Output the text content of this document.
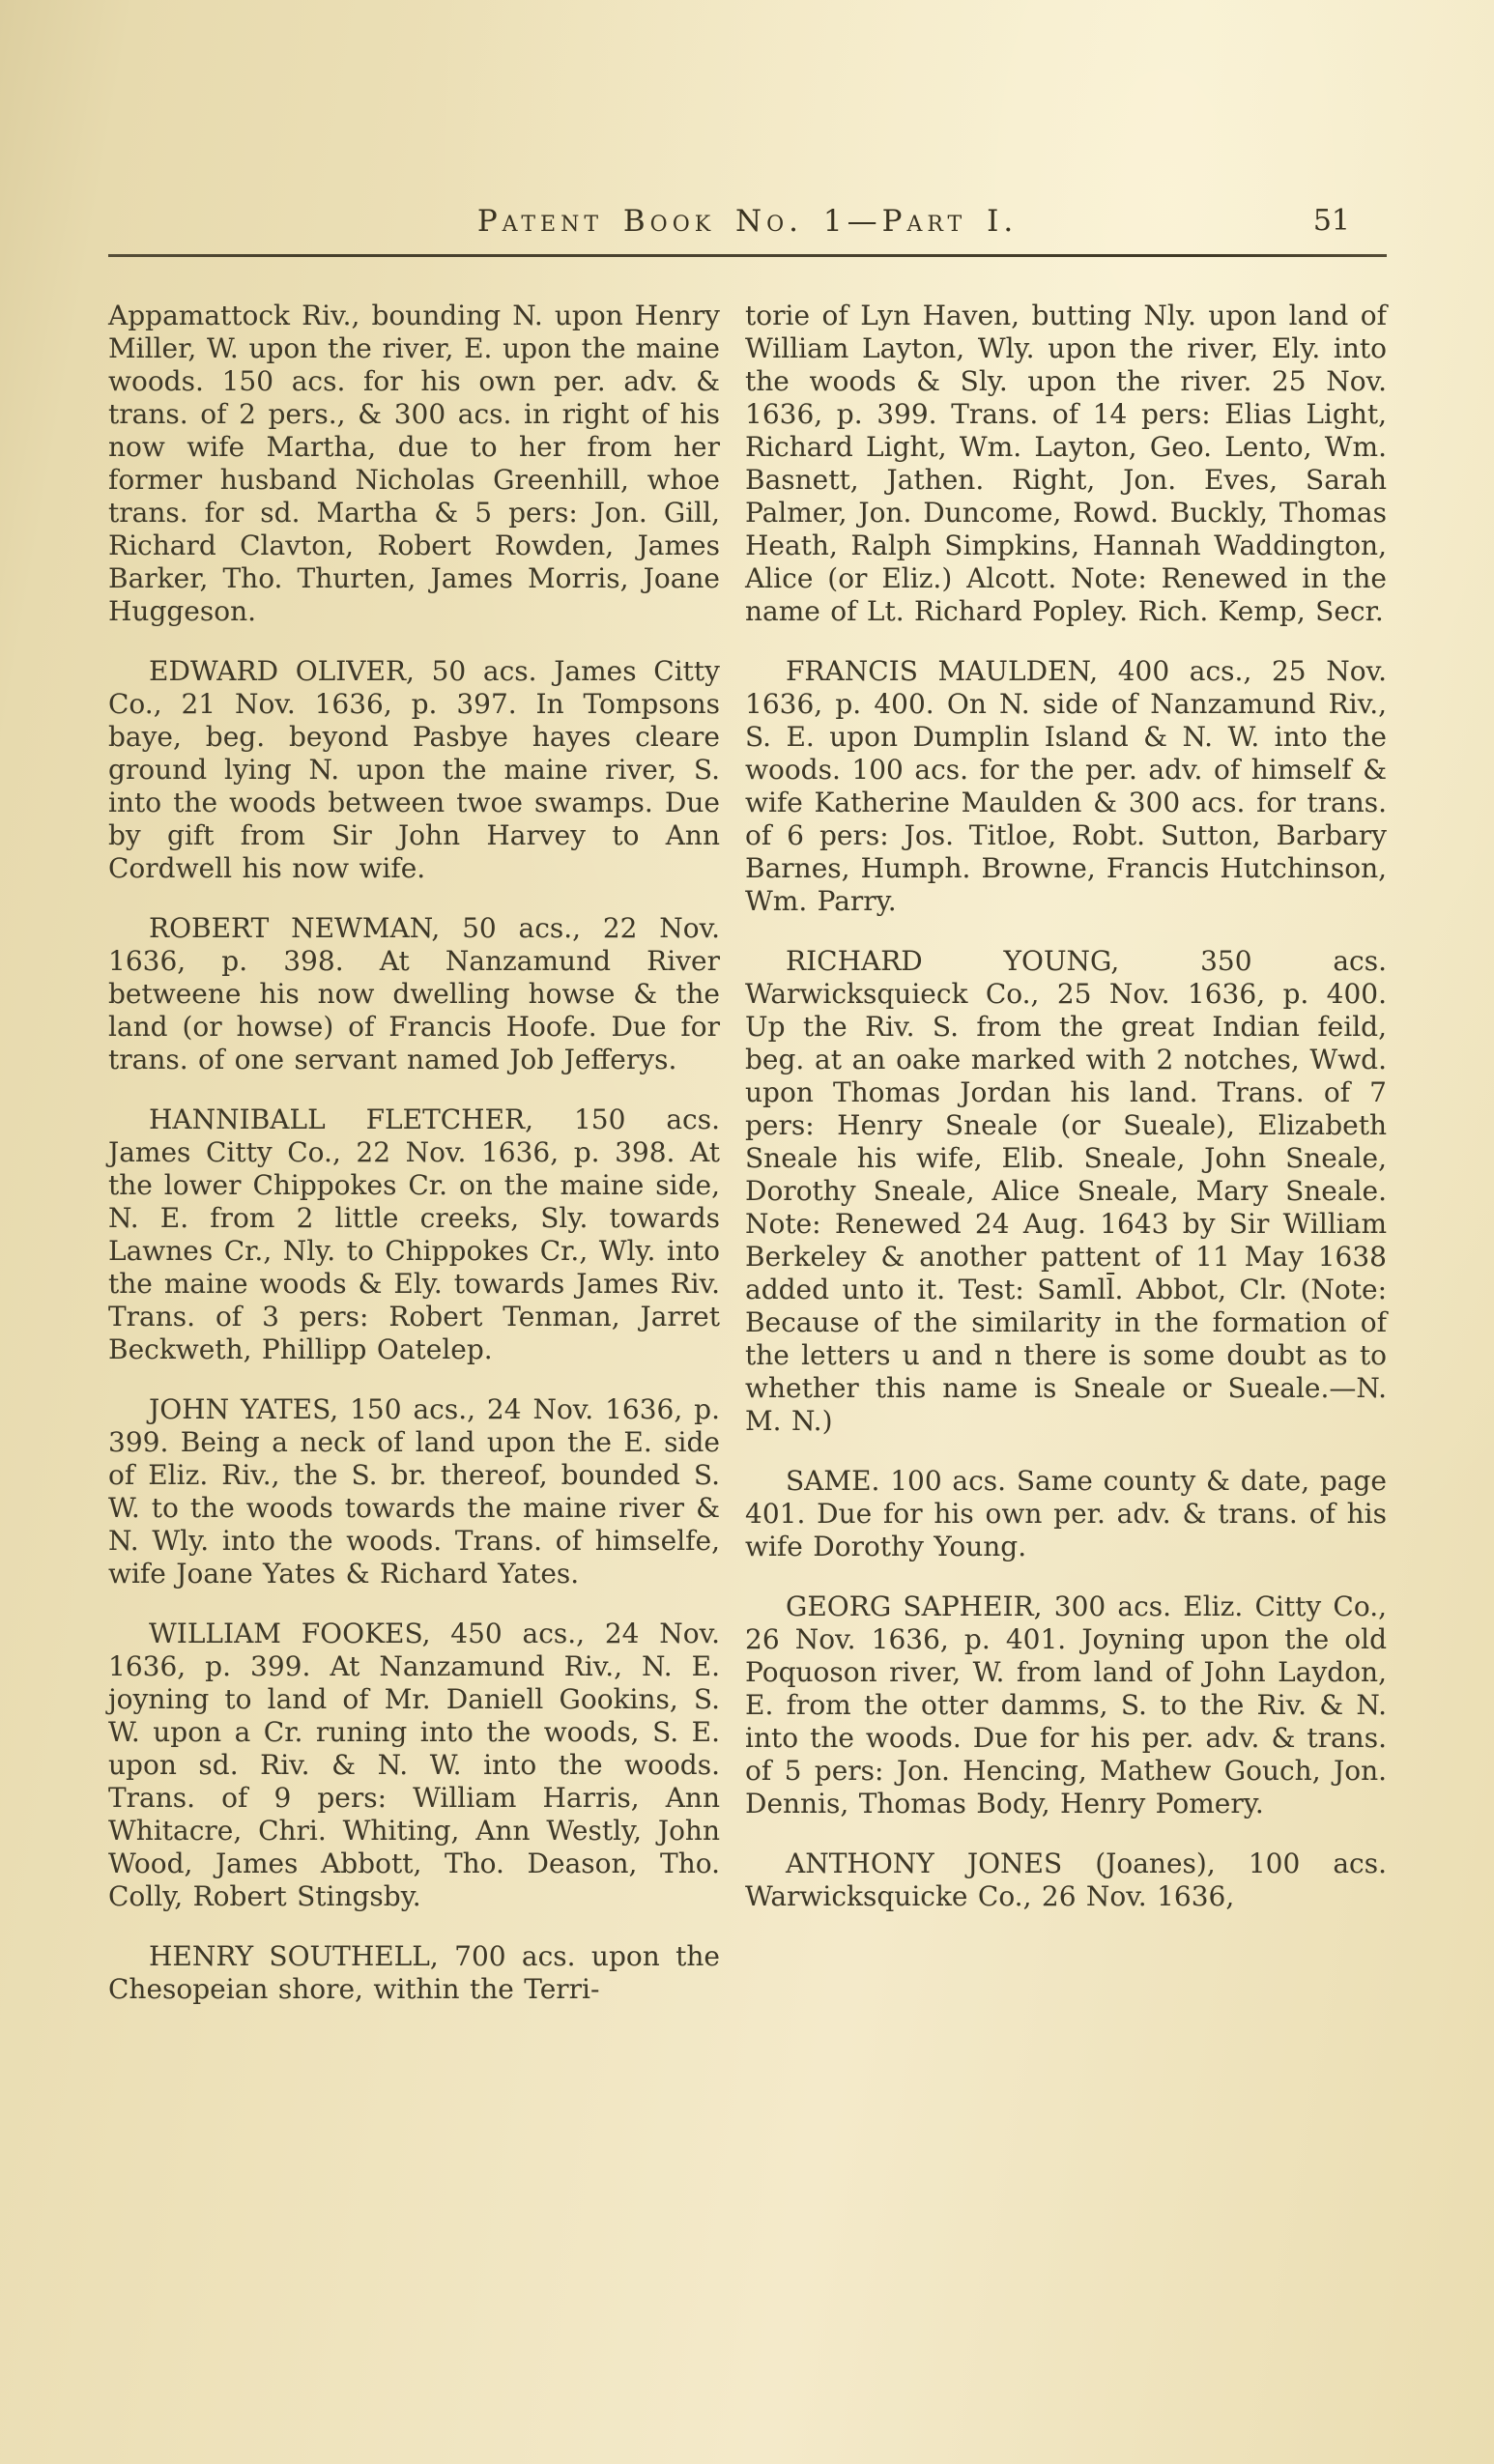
Patent Book No. 1—Part I.	51

Appamattock Riv., bounding N. upon Henry Miller, W. upon the river, E. upon the maine woods. 150 acs. for his own per. adv. & trans. of 2 pers., & 300 acs. in right of his now wife Martha, due to her from her former husband Nicholas Greenhill, whoe trans. for sd. Martha & 5 pers: Jon. Gill, Richard Clavton, Robert Rowden, James Barker, Tho. Thurten, James Morris, Joane Huggeson.

EDWARD OLIVER, 50 acs. James Citty Co., 21 Nov. 1636, p. 397. In Tompsons baye, beg. beyond Pasbye hayes cleare ground lying N. upon the maine river, S. into the woods between twoe swamps. Due by gift from Sir John Harvey to Ann Cordwell his now wife.

ROBERT NEWMAN, 50 acs., 22 Nov. 1636, p. 398. At Nanzamund River betweene his now dwelling howse & the land (or howse) of Francis Hoofe. Due for trans. of one servant named Job Jefferys.

HANNIBALL FLETCHER, 150 acs. James Citty Co., 22 Nov. 1636, p. 398. At the lower Chippokes Cr. on the maine side, N. E. from 2 little creeks, Sly. towards Lawnes Cr., Nly. to Chippokes Cr., Wly. into the maine woods & Ely. towards James Riv. Trans. of 3 pers: Robert Tenman, Jarret Beckweth, Phillipp Oatelep.

JOHN YATES, 150 acs., 24 Nov. 1636, p. 399. Being a neck of land upon the E. side of Eliz. Riv., the S. br. thereof, bounded S. W. to the woods towards the maine river & N. Wly. into the woods. Trans. of himselfe, wife Joane Yates & Richard Yates.

WILLIAM FOOKES, 450 acs., 24 Nov. 1636, p. 399. At Nanzamund Riv., N. E. joyning to land of Mr. Daniell Gookins, S. W. upon a Cr. runing into the woods, S. E. upon sd. Riv. & N. W. into the woods. Trans. of 9 pers: William Harris, Ann Whitacre, Chri. Whiting, Ann Westly, John Wood, James Abbott, Tho. Deason, Tho. Colly, Robert Stingsby.

HENRY SOUTHELL, 700 acs. upon the Chesopeian shore, within the Terri-

torie of Lyn Haven, butting Nly. upon land of William Layton, Wly. upon the river, Ely. into the woods & Sly. upon the river. 25 Nov. 1636, p. 399. Trans. of 14 pers: Elias Light, Richard Light, Wm. Layton, Geo. Lento, Wm. Basnett, Jathen. Right, Jon. Eves, Sarah Palmer, Jon. Duncome, Rowd. Buckly, Thomas Heath, Ralph Simpkins, Hannah Waddington, Alice (or Eliz.) Alcott. Note: Renewed in the name of Lt. Richard Popley. Rich. Kemp, Secr.

FRANCIS MAULDEN, 400 acs., 25 Nov. 1636, p. 400. On N. side of Nanzamund Riv., S. E. upon Dumplin Island & N. W. into the woods. 100 acs. for the per. adv. of himself & wife Katherine Maulden & 300 acs. for trans. of 6 pers: Jos. Titloe, Robt. Sutton, Barbary Barnes, Humph. Browne, Francis Hutchinson, Wm. Parry.

RICHARD YOUNG, 350 acs. Warwicksquieck Co., 25 Nov. 1636, p. 400. Up the Riv. S. from the great Indian feild, beg. at an oake marked with 2 notches, Wwd. upon Thomas Jordan his land. Trans. of 7 pers: Henry Sneale (or Sueale), Elizabeth Sneale his wife, Elib. Sneale, John Sneale, Dorothy Sneale, Alice Sneale, Mary Sneale. Note: Renewed 24 Aug. 1643 by Sir William Berkeley & another pattent of 11 May 1638 added unto it. Test: Samll̄. Abbot, Clr. (Note: Because of the similarity in the formation of the letters u and n there is some doubt as to whether this name is Sneale or Sueale.—N. M. N.)

SAME. 100 acs. Same county & date, page 401. Due for his own per. adv. & trans. of his wife Dorothy Young.

GEORG SAPHEIR, 300 acs. Eliz. Citty Co., 26 Nov. 1636, p. 401. Joyning upon the old Poquoson river, W. from land of John Laydon, E. from the otter damms, S. to the Riv. & N. into the woods. Due for his per. adv. & trans. of 5 pers: Jon. Hencing, Mathew Gouch, Jon. Dennis, Thomas Body, Henry Pomery.

ANTHONY JONES (Joanes), 100 acs. Warwicksquicke Co., 26 Nov. 1636,
